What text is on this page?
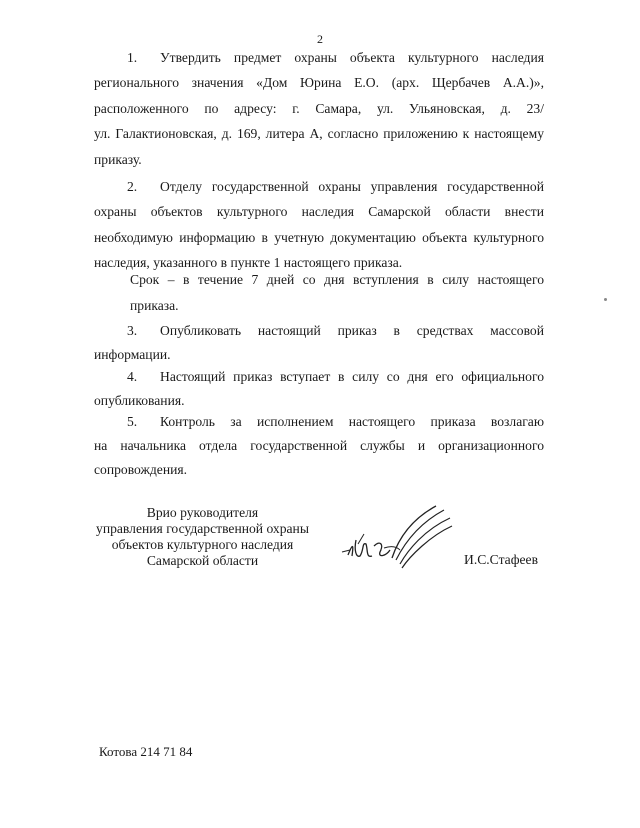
2
1. Утвердить предмет охраны объекта культурного наследия
регионального значения «Дом Юрина Е.О. (арх. Щербачев А.А.)»,
расположенного по адресу: г. Самара, ул. Ульяновская, д. 23/
ул. Галактионовская, д. 169, литера А, согласно приложению к настоящему
приказу.
2. Отделу государственной охраны управления государственной
охраны объектов культурного наследия Самарской области внести
необходимую информацию в учетную документацию объекта культурного
наследия, указанного в пункте 1 настоящего приказа.
Срок – в течение 7 дней со дня вступления в силу настоящего
приказа.
3. Опубликовать настоящий приказ в средствах массовой
информации.
4. Настоящий приказ вступает в силу со дня его официального
опубликования.
5. Контроль за исполнением настоящего приказа возлагаю
на начальника отдела государственной службы и организационного
сопровождения.
Врио руководителя
управления государственной охраны
объектов культурного наследия
Самарской области	И.С.Стафеев
Котова 214 71 84
